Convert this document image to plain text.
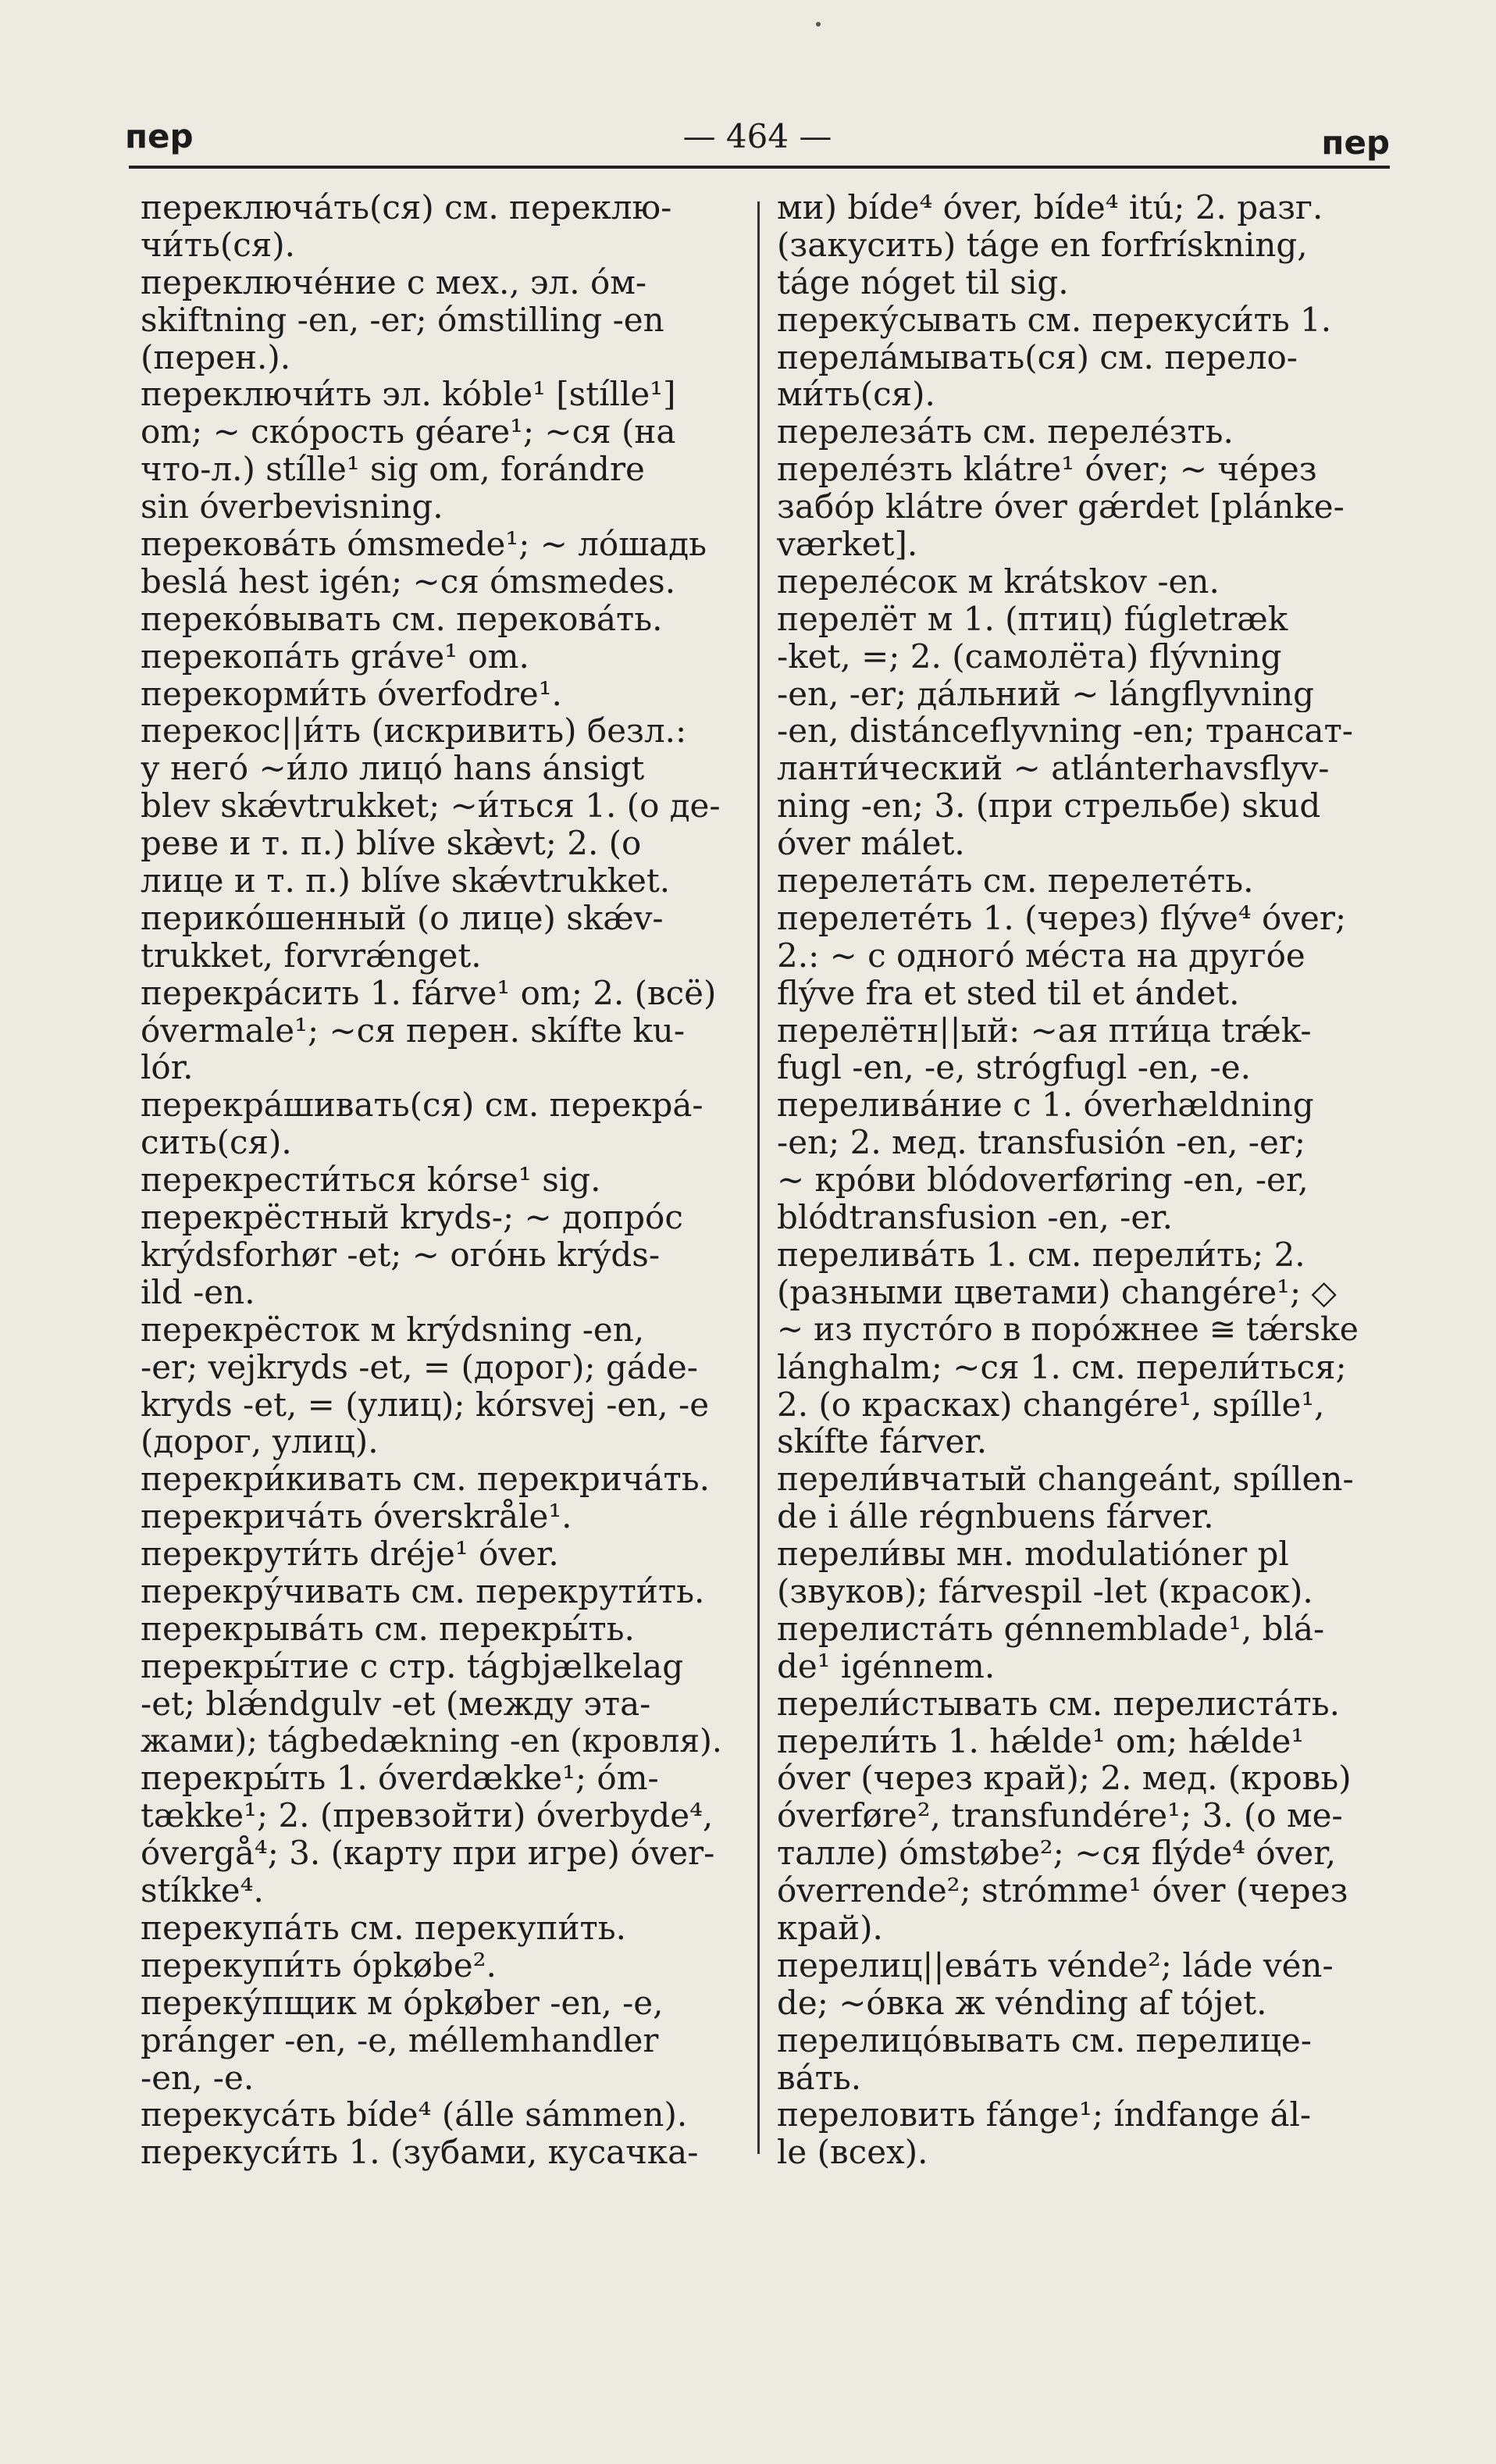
пер	— 464 —	пер
переключа́ть(ся) см. переклю-
чи́ть(ся).
переключе́ние с мех., эл. о́м-
skiftning -en, -er; о́mstilling -en
(перен.).
переключи́ть эл. kо́ble¹ [stílle¹]
om; ~ ско́рость gе́are¹; ~ся (на
что-л.) stílle¹ sig om, forа́ndre
sin о́verbevisning.
перекова́ть о́msmede¹; ~ ло́шадь
beslа́ hest igе́n; ~ся о́msmedes.
переко́вывать см. перекова́ть.
перекопа́ть grа́ve¹ om.
перекорми́ть о́verfodre¹.
перекос||и́ть (искривить) безл.:
у него́ ~и́ло лицо́ hans а́nsigt
blev skǽvtrukket; ~и́ться 1. (о де-
реве и т. п.) blíve skæ̀vt; 2. (о
лице и т. п.) blíve skǽvtrukket.
перико́шенный (о лице) skǽv-
trukket, forvrǽnget.
перекра́сить 1. fа́rve¹ om; 2. (всё)
о́vermale¹; ~ся перен. skífte ku-
lо́r.
перекра́шивать(ся) см. перекра́-
сить(ся).
перекрести́ться kо́rse¹ sig.
перекрёстный kryds-; ~ допро́с
krýdsforhør -et; ~ ого́нь krýds-
ild -en.
перекрёсток м krýdsning -en,
-er; vejkryds -et, = (дорог); gа́de-
kryds -et, = (улиц); kо́rsvej -en, -e
(дорог, улиц).
перекри́кивать см. перекрича́ть.
перекрича́ть о́verskråle¹.
перекрути́ть drе́je¹ о́ver.
перекру́чивать см. перекрути́ть.
перекрыва́ть см. перекры́ть.
перекры́тие с стр. tа́gbjælkelag
-et; blǽndgulv -et (между эта-
жами); tа́gbedækning -en (кровля).
перекры́ть 1. о́verdække¹; о́m-
tække¹; 2. (превзойти) о́verbyde⁴,
о́vergå⁴; 3. (карту при игре) о́ver-
stíkke⁴.
перекупа́ть см. перекупи́ть.
перекупи́ть о́pkøbe².
переку́пщик м о́pkøber -en, -e,
prа́nger -en, -e, mе́llemhandler
-en, -e.
перекуса́ть bíde⁴ (а́lle sа́mmen).
перекуси́ть 1. (зубами, кусачка-
ми) bíde⁴ о́ver, bíde⁴ itú; 2. разг.
(закусить) tа́ge en forfrískning,
tа́ge nо́get til sig.
переку́сывать см. перекуси́ть 1.
перела́мывать(ся) см. перело-
ми́ть(ся).
перелеза́ть см. переле́зть.
переле́зть klа́tre¹ о́ver; ~ че́рез
забо́р klа́tre о́ver gǽrdet [plа́nke-
værket].
переле́сок м krа́tskov -en.
перелёт м 1. (птиц) fúgletræk
-ket, =; 2. (самолёта) flývning
-en, -er; да́льний ~ lа́ngflyvning
-en, distа́nceflyvning -en; трансат-
ланти́ческий ~ atlа́nterhavsflyv-
ning -en; 3. (при стрельбе) skud
о́ver mа́let.
перелета́ть см. перелете́ть.
перелете́ть 1. (через) flýve⁴ о́ver;
2.: ~ с одного́ ме́ста на друго́е
flýve fra et sted til et а́ndet.
перелётн||ый: ~ая пти́ца trǽk-
fugl -en, -e, strо́gfugl -en, -e.
перелива́ние с 1. о́verhældning
-en; 2. мед. transfusiо́n -en, -er;
~ кро́ви blо́doverføring -en, -er,
blо́dtransfusion -en, -er.
перелива́ть 1. см. перели́ть; 2.
(разными цветами) changе́re¹; ◇
~ из пусто́го в поро́жнее ≅ tǽrske
lа́nghalm; ~ся 1. см. перели́ться;
2. (о красках) changе́re¹, spílle¹,
skífte fа́rver.
перели́вчатый changeа́nt, spíllen-
de i а́lle rе́gnbuens fа́rver.
перели́вы мн. modulatiо́ner pl
(звуков); fа́rvespil -let (красок).
перелиста́ть gе́nnemblade¹, blа́-
de¹ igе́nnem.
перели́стывать см. перелиста́ть.
перели́ть 1. hǽlde¹ om; hǽlde¹
о́ver (через край); 2. мед. (кровь)
о́verføre², transfundе́re¹; 3. (о ме-
талле) о́mstøbe²; ~ся flýde⁴ о́ver,
о́verrende²; strо́mme¹ о́ver (через
край).
перелиц||ева́ть vе́nde²; lа́de vе́n-
de; ~о́вка ж vе́nding af tо́jet.
перелицо́вывать см. перелице-
ва́ть.
переловить fа́nge¹; índfange а́l-
le (всех).
